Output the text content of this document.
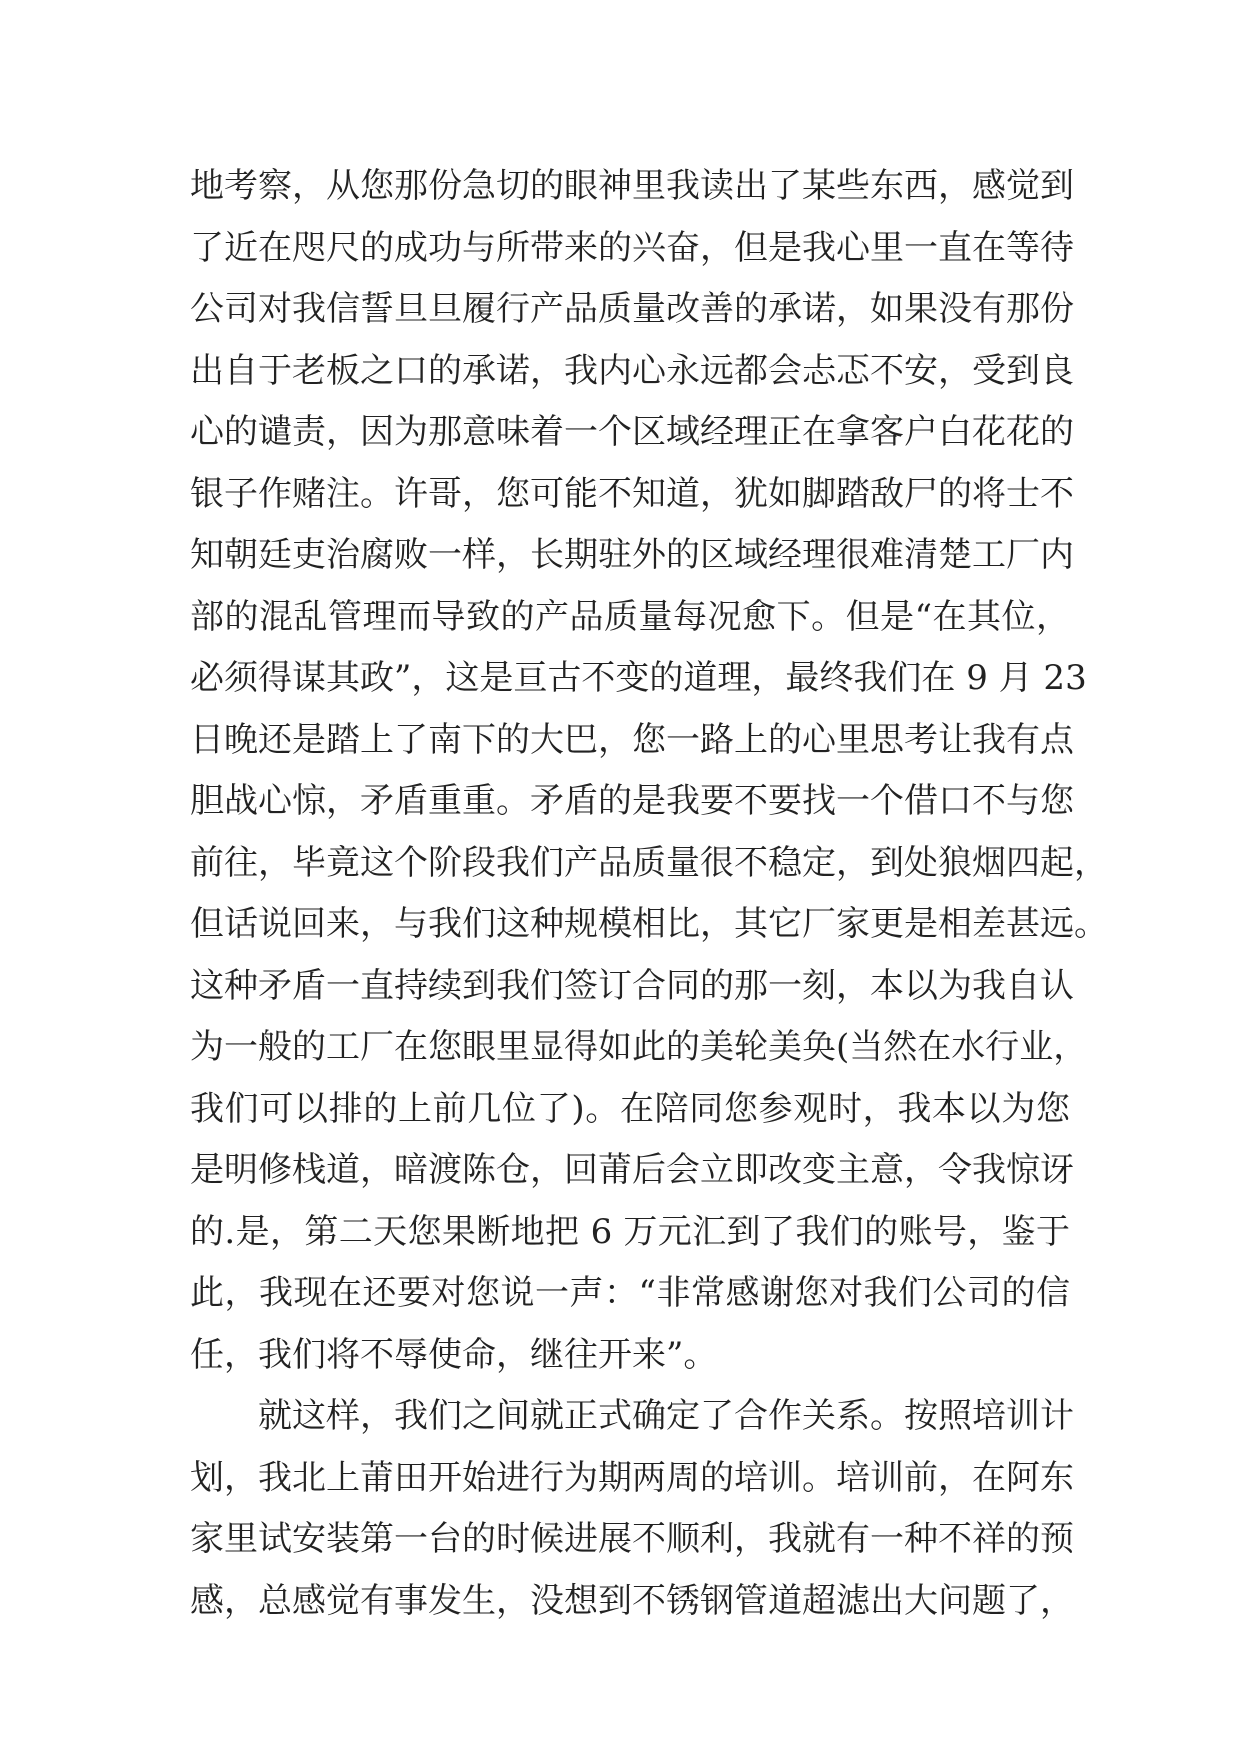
地考察，从您那份急切的眼神里我读出了某些东西，感觉到
了近在咫尺的成功与所带来的兴奋，但是我心里一直在等待
公司对我信誓旦旦履行产品质量改善的承诺，如果没有那份
出自于老板之口的承诺，我内心永远都会忐忑不安，受到良
心的谴责，因为那意味着一个区域经理正在拿客户白花花的
银子作赌注。许哥，您可能不知道，犹如脚踏敌尸的将士不
知朝廷吏治腐败一样，长期驻外的区域经理很难清楚工厂内
部的混乱管理而导致的产品质量每况愈下。但是“在其位，
必须得谋其政”，这是亘古不变的道理，最终我们在 9 月 23
日晚还是踏上了南下的大巴，您一路上的心里思考让我有点
胆战心惊，矛盾重重。矛盾的是我要不要找一个借口不与您
前往，毕竟这个阶段我们产品质量很不稳定，到处狼烟四起，
但话说回来，与我们这种规模相比，其它厂家更是相差甚远。
这种矛盾一直持续到我们签订合同的那一刻，本以为我自认
为一般的工厂在您眼里显得如此的美轮美奂(当然在水行业，
我们可以排的上前几位了)。在陪同您参观时，我本以为您
是明修栈道，暗渡陈仓，回莆后会立即改变主意，令我惊讶
的.是，第二天您果断地把 6 万元汇到了我们的账号，鉴于
此，我现在还要对您说一声：“非常感谢您对我们公司的信
任，我们将不辱使命，继往开来”。
就这样，我们之间就正式确定了合作关系。按照培训计
划，我北上莆田开始进行为期两周的培训。培训前，在阿东
家里试安装第一台的时候进展不顺利，我就有一种不祥的预
感，总感觉有事发生，没想到不锈钢管道超滤出大问题了，
